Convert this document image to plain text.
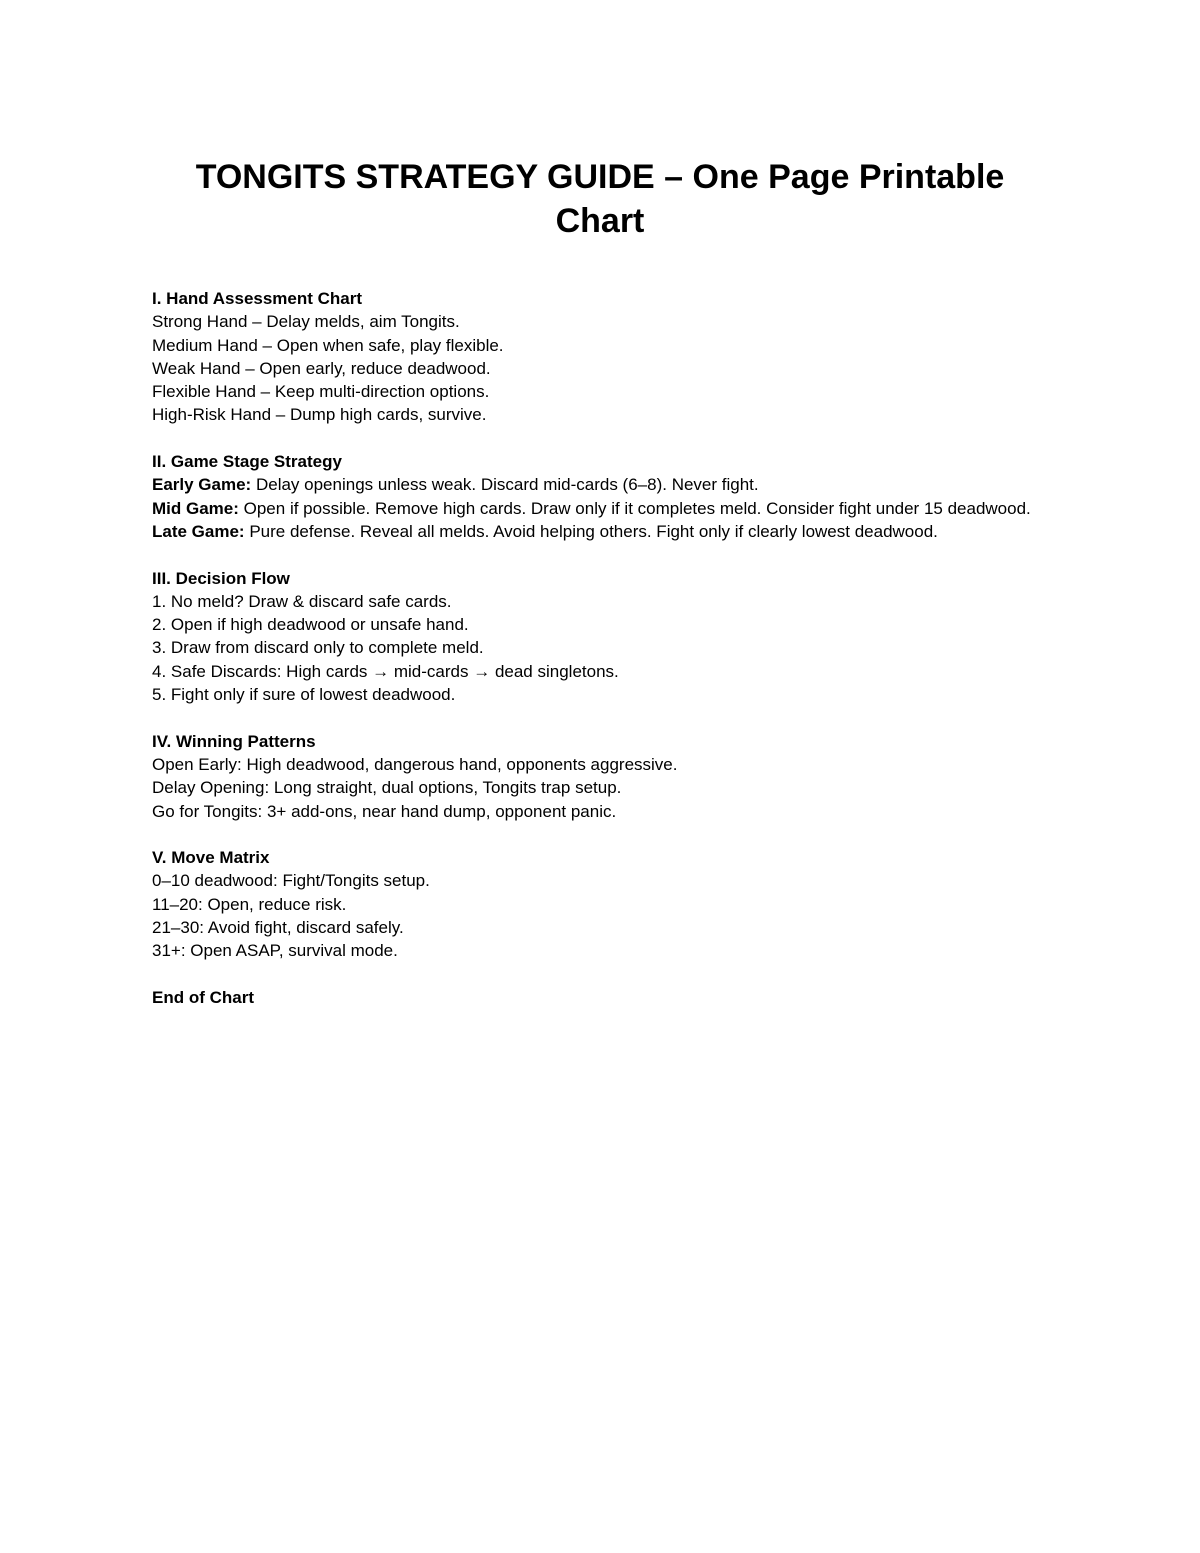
TONGITS STRATEGY GUIDE – One Page Printable Chart
I. Hand Assessment Chart
Strong Hand – Delay melds, aim Tongits.
Medium Hand – Open when safe, play flexible.
Weak Hand – Open early, reduce deadwood.
Flexible Hand – Keep multi-direction options.
High-Risk Hand – Dump high cards, survive.
II. Game Stage Strategy
Early Game: Delay openings unless weak. Discard mid-cards (6–8). Never fight.
Mid Game: Open if possible. Remove high cards. Draw only if it completes meld. Consider fight under 15 deadwood.
Late Game: Pure defense. Reveal all melds. Avoid helping others. Fight only if clearly lowest deadwood.
III. Decision Flow
1. No meld? Draw & discard safe cards.
2. Open if high deadwood or unsafe hand.
3. Draw from discard only to complete meld.
4. Safe Discards: High cards → mid-cards → dead singletons.
5. Fight only if sure of lowest deadwood.
IV. Winning Patterns
Open Early: High deadwood, dangerous hand, opponents aggressive.
Delay Opening: Long straight, dual options, Tongits trap setup.
Go for Tongits: 3+ add-ons, near hand dump, opponent panic.
V. Move Matrix
0–10 deadwood: Fight/Tongits setup.
11–20: Open, reduce risk.
21–30: Avoid fight, discard safely.
31+: Open ASAP, survival mode.
End of Chart
